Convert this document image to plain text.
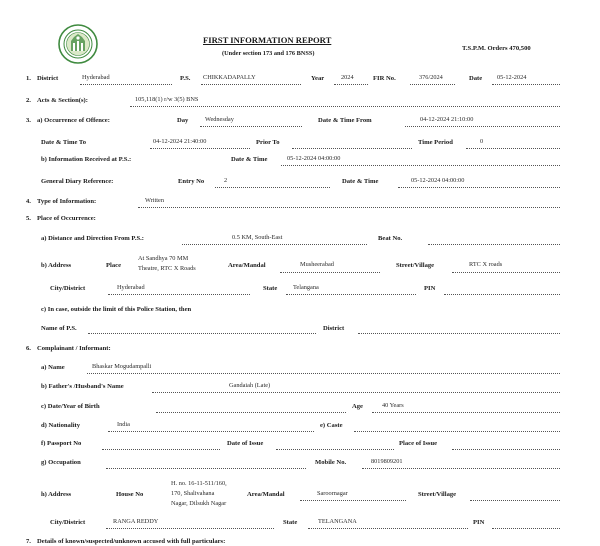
FIRST INFORMATION REPORT
(Under section 173 and 176 BNSS)
T.S.P.M. Orders 470,500
1. District	Hyderabad	P.S. CHIKKADAPALLY	Year	2024	FIR No.	376/2024	Date 05-12-2024
2. Acts & Section(s):	105,118(1) r/w 3(5) BNS
3. a) Occurrence of Offence:	Day	Wednesday	Date & Time From	04-12-2024 21:10:00
Date & Time To	04-12-2024 21:40:00	Prior To	Time Period	0
b) Information Received at P.S.:	Date & Time	05-12-2024 04:00:00
General Diary Reference:	Entry No	2	Date & Time	05-12-2024 04:00:00
4. Type of Information:	Written
5. Place of Occurrence:
a) Distance and Direction From P.S.:	0.5 KM, South-East	Beat No.
b) Address	Place
At Sandhya 70 MM
Theatre, RTC X Roads	Area/Mandal	Musheerabad	Street/Village	RTC X roads
City/District	Hyderabad	State Telangana	PIN
c) In case, outside the limit of this Police Station, then
Name of P.S.	District
6. Complainant / Informant:
a) Name	Bhaskar Mogudampalli
b) Father's /Husband's Name	Gandaiah (Late)
c) Date/Year of Birth	Age	40 Years
d) Nationality	India	e) Caste
f) Passport No	Date of Issue	Place of Issue
g) Occupation	Mobile No.	8019809201
h) Address	House No
H. no. 16-11-511/160,
170, Shalivahana
Nagar, Dilsukh Nagar
Area/Mandal	Saroornagar	Street/Village
City/District	RANGA REDDY	State	TELANGANA	PIN
7. Details of known/suspected/unknown accused with full particulars:
